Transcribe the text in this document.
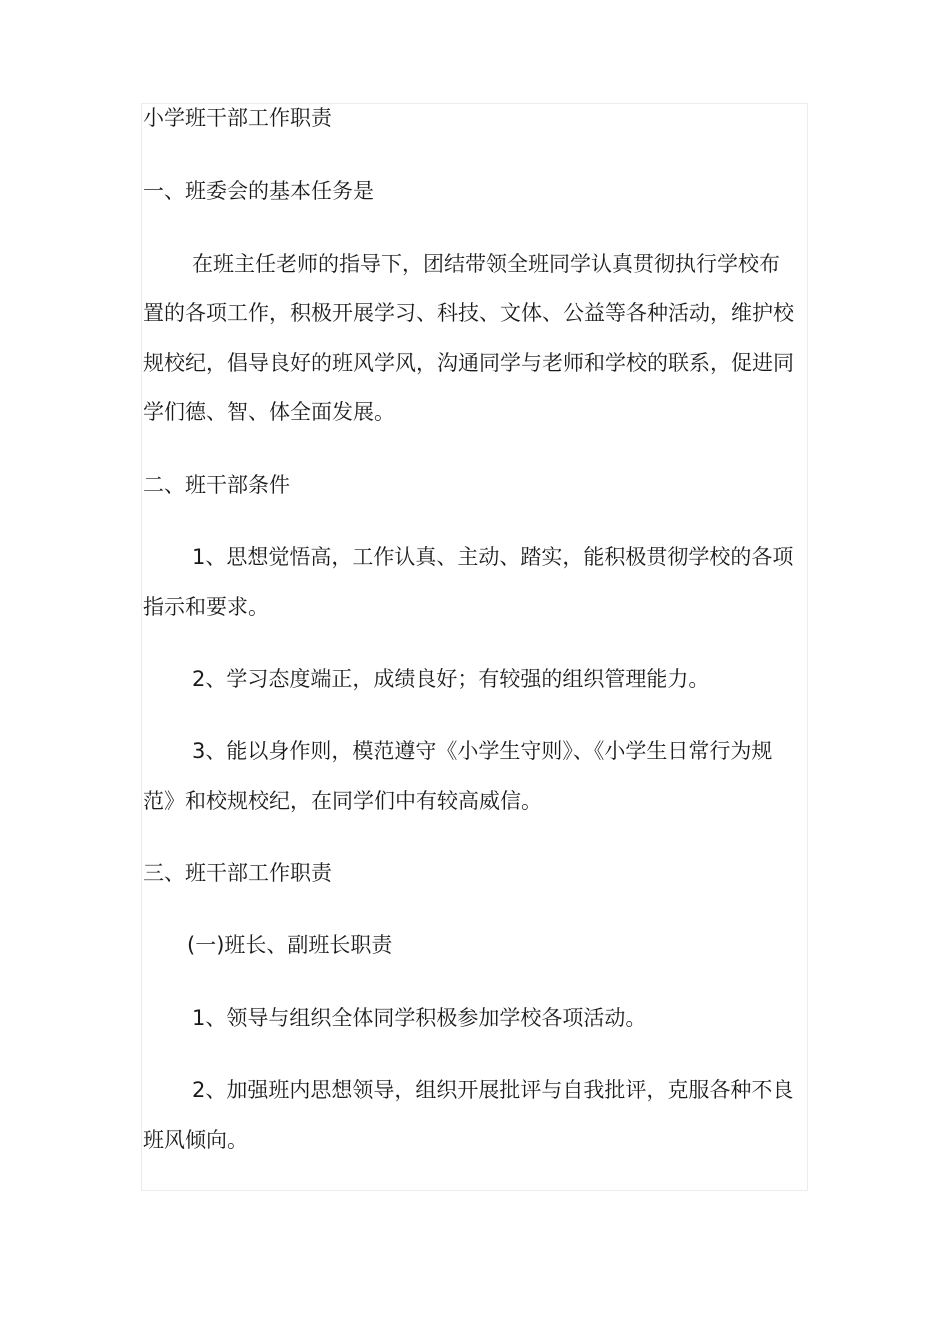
小学班干部工作职责
一、班委会的基本任务是
在班主任老师的指导下，团结带领全班同学认真贯彻执行学校布
置的各项工作，积极开展学习、科技、文体、公益等各种活动，维护校
规校纪，倡导良好的班风学风，沟通同学与老师和学校的联系，促进同
学们德、智、体全面发展。
二、班干部条件
1、思想觉悟高，工作认真、主动、踏实，能积极贯彻学校的各项
指示和要求。
2、学习态度端正，成绩良好；有较强的组织管理能力。
3、能以身作则，模范遵守《小学生守则》、《小学生日常行为规
范》和校规校纪，在同学们中有较高威信。
三、班干部工作职责
(一)班长、副班长职责
1、领导与组织全体同学积极参加学校各项活动。
2、加强班内思想领导，组织开展批评与自我批评，克服各种不良
班风倾向。
